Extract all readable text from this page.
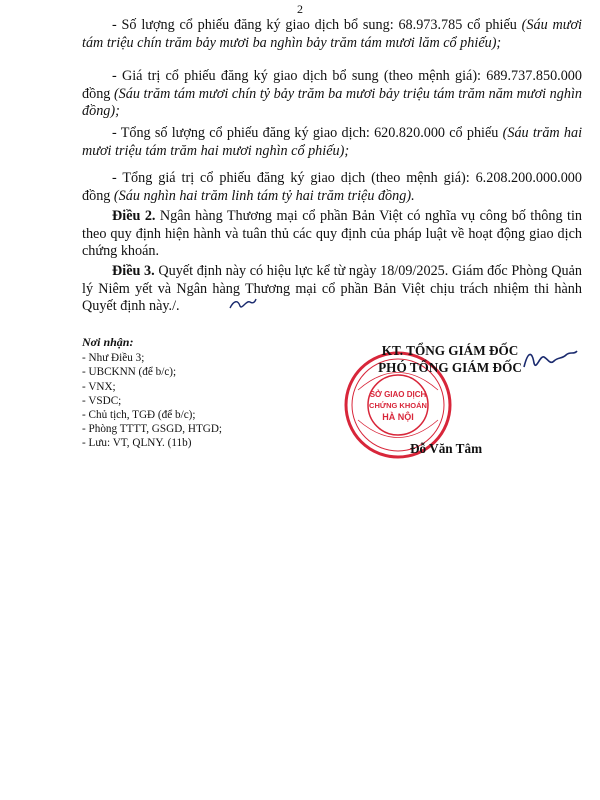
2
- Số lượng cổ phiếu đăng ký giao dịch bổ sung: 68.973.785 cổ phiếu (Sáu mươi tám triệu chín trăm bảy mươi ba nghìn bảy trăm tám mươi lăm cổ phiếu);
- Giá trị cổ phiếu đăng ký giao dịch bổ sung (theo mệnh giá): 689.737.850.000 đồng (Sáu trăm tám mươi chín tỷ bảy trăm ba mươi bảy triệu tám trăm năm mươi nghìn đồng);
- Tổng số lượng cổ phiếu đăng ký giao dịch: 620.820.000 cổ phiếu (Sáu trăm hai mươi triệu tám trăm hai mươi nghìn cổ phiếu);
- Tổng giá trị cổ phiếu đăng ký giao dịch (theo mệnh giá): 6.208.200.000.000 đồng (Sáu nghìn hai trăm linh tám tỷ hai trăm triệu đồng).
Điều 2. Ngân hàng Thương mại cổ phần Bản Việt có nghĩa vụ công bố thông tin theo quy định hiện hành và tuân thủ các quy định của pháp luật về hoạt động giao dịch chứng khoán.
Điều 3. Quyết định này có hiệu lực kể từ ngày 18/09/2025. Giám đốc Phòng Quản lý Niêm yết và Ngân hàng Thương mại cổ phần Bản Việt chịu trách nhiệm thi hành Quyết định này./.
Nơi nhận:
- Như Điều 3;
- UBCKNN (để b/c);
- VNX;
- VSDC;
- Chủ tịch, TGĐ (để b/c);
- Phòng TTTT, GSGD, HTGD;
- Lưu: VT, QLNY. (11b)
SỞ GIAO DỊCH
CHỨNG KHOÁN
HÀ NỘI
KT. TỔNG GIÁM ĐỐC
PHÓ TỔNG GIÁM ĐỐC
Đỗ Văn Tâm
